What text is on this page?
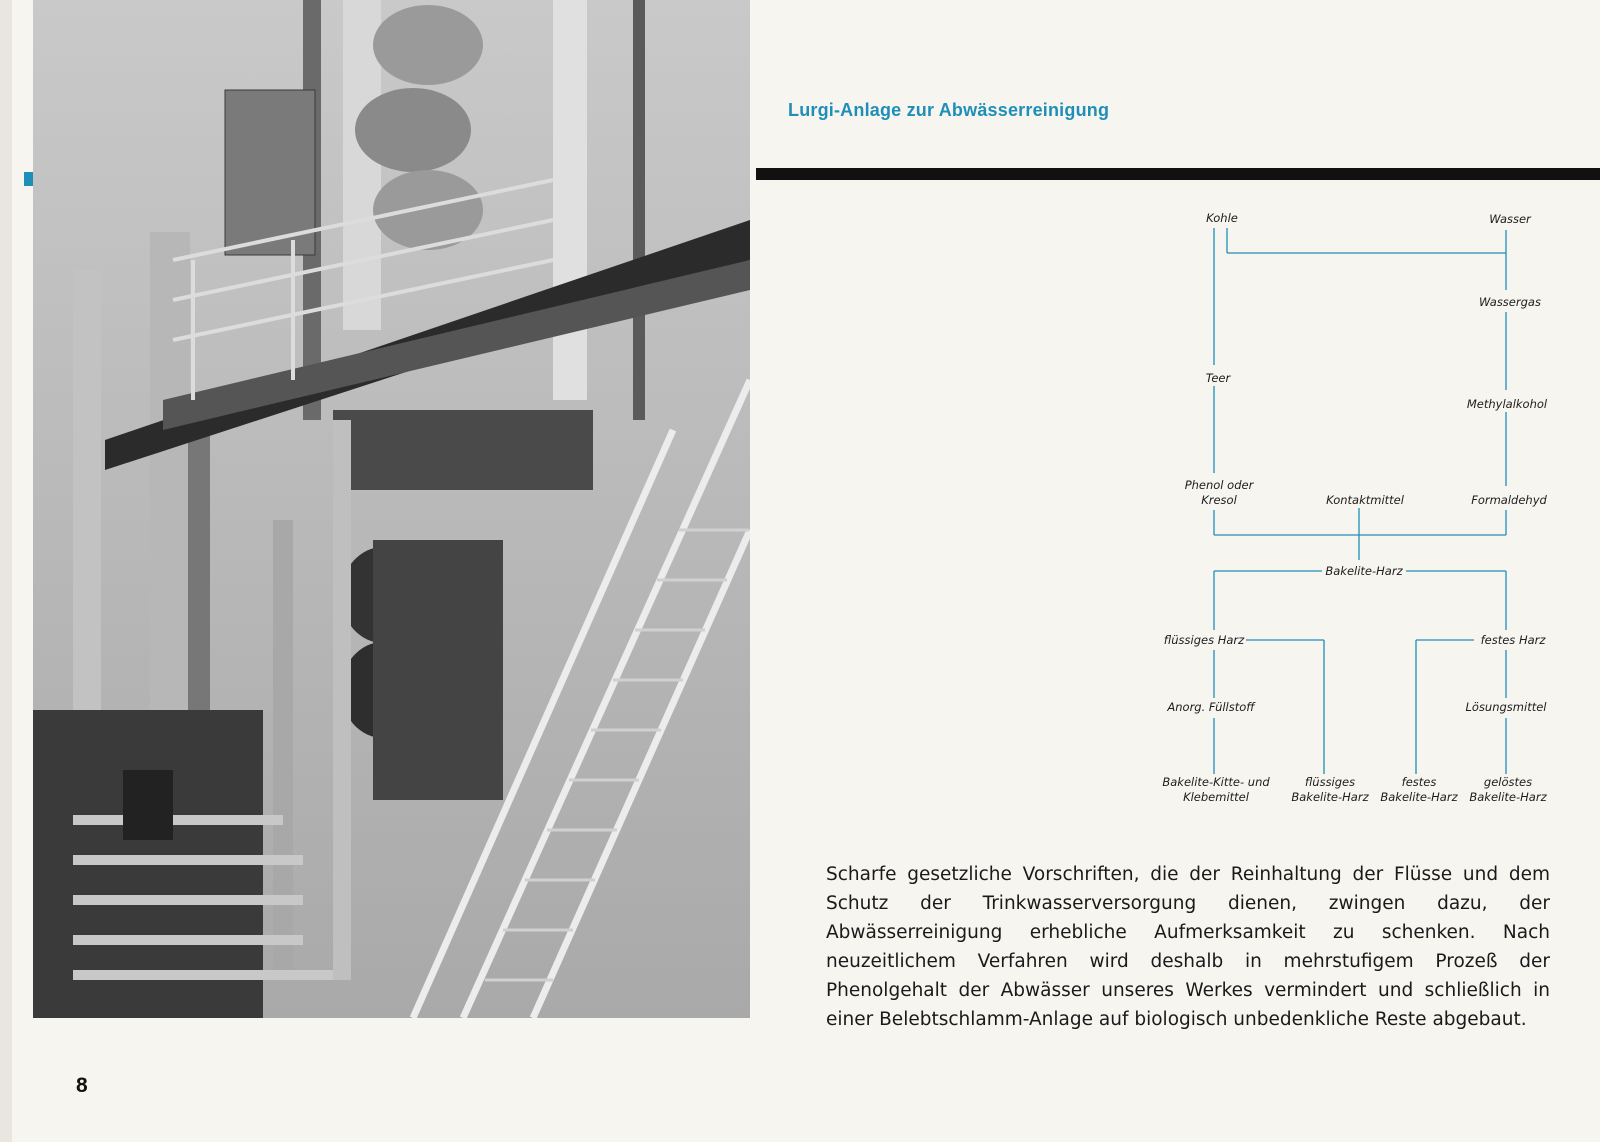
Lurgi-Anlage zur Abwässerreinigung
Kohle	Wasser
Wassergas
Teer
Methylalkohol
Phenol oder
Kresol	Kontaktmittel	Formaldehyd
Bakelite-Harz
flüssiges Harz	festes Harz
Anorg. Füllstoff	Lösungsmittel
Bakelite-Kitte- und
Klebemittel
flüssiges
Bakelite-Harz
festes
Bakelite-Harz
gelöstes
Bakelite-Harz

Scharfe gesetzliche Vorschriften, die der Reinhaltung der Flüsse und dem Schutz der Trinkwasserversorgung dienen, zwingen dazu, der Abwässerreinigung erhebliche Aufmerksamkeit zu schenken. Nach neuzeitlichem Verfahren wird deshalb in mehrstufigem Prozeß der Phenolgehalt der Abwässer unseres Werkes vermindert und schließlich in einer Belebtschlamm-Anlage auf biologisch unbedenkliche Reste abgebaut.

8
